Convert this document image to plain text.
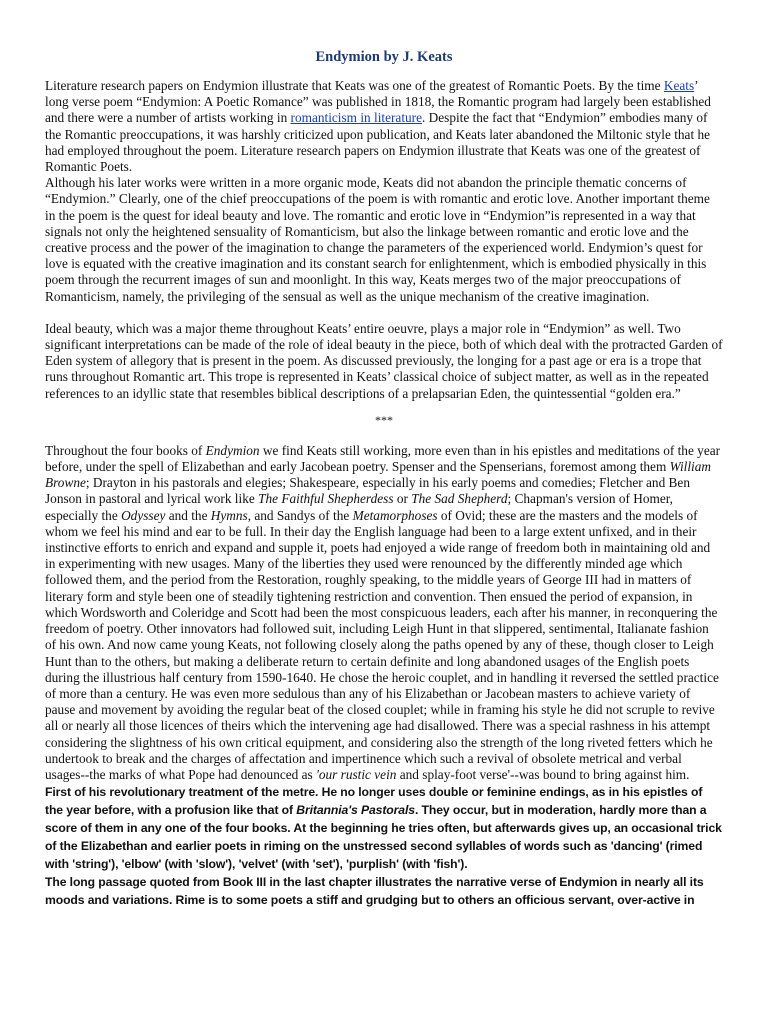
Endymion by J. Keats

Literature research papers on Endymion illustrate that Keats was one of the greatest of Romantic Poets. By the time Keats’ long verse poem “Endymion: A Poetic Romance” was published in 1818, the Romantic program had largely been established and there were a number of artists working in romanticism in literature. Despite the fact that “Endymion” embodies many of the Romantic preoccupations, it was harshly criticized upon publication, and Keats later abandoned the Miltonic style that he had employed throughout the poem. Literature research papers on Endymion illustrate that Keats was one of the greatest of Romantic Poets.

Although his later works were written in a more organic mode, Keats did not abandon the principle thematic concerns of “Endymion.” Clearly, one of the chief preoccupations of the poem is with romantic and erotic love. Another important theme in the poem is the quest for ideal beauty and love. The romantic and erotic love in “Endymion”is represented in a way that signals not only the heightened sensuality of Romanticism, but also the linkage between romantic and erotic love and the creative process and the power of the imagination to change the parameters of the experienced world. Endymion’s quest for love is equated with the creative imagination and its constant search for enlightenment, which is embodied physically in this poem through the recurrent images of sun and moonlight. In this way, Keats merges two of the major preoccupations of Romanticism, namely, the privileging of the sensual as well as the unique mechanism of the creative imagination.

Ideal beauty, which was a major theme throughout Keats’ entire oeuvre, plays a major role in “Endymion” as well. Two significant interpretations can be made of the role of ideal beauty in the piece, both of which deal with the protracted Garden of Eden system of allegory that is present in the poem. As discussed previously, the longing for a past age or era is a trope that runs throughout Romantic art. This trope is represented in Keats’ classical choice of subject matter, as well as in the repeated references to an idyllic state that resembles biblical descriptions of a prelapsarian Eden, the quintessential “golden era.”

***

Throughout the four books of Endymion we find Keats still working, more even than in his epistles and meditations of the year before, under the spell of Elizabethan and early Jacobean poetry. Spenser and the Spenserians, foremost among them William Browne; Drayton in his pastorals and elegies; Shakespeare, especially in his early poems and comedies; Fletcher and Ben Jonson in pastoral and lyrical work like The Faithful Shepherdess or The Sad Shepherd; Chapman's version of Homer, especially the Odyssey and the Hymns, and Sandys of the Metamorphoses of Ovid; these are the masters and the models of whom we feel his mind and ear to be full. In their day the English language had been to a large extent unfixed, and in their instinctive efforts to enrich and expand and supple it, poets had enjoyed a wide range of freedom both in maintaining old and in experimenting with new usages. Many of the liberties they used were renounced by the differently minded age which followed them, and the period from the Restoration, roughly speaking, to the middle years of George III had in matters of literary form and style been one of steadily tightening restriction and convention. Then ensued the period of expansion, in which Wordsworth and Coleridge and Scott had been the most conspicuous leaders, each after his manner, in reconquering the freedom of poetry. Other innovators had followed suit, including Leigh Hunt in that slippered, sentimental, Italianate fashion of his own. And now came young Keats, not following closely along the paths opened by any of these, though closer to Leigh Hunt than to the others, but making a deliberate return to certain definite and long abandoned usages of the English poets during the illustrious half century from 1590-1640. He chose the heroic couplet, and in handling it reversed the settled practice of more than a century. He was even more sedulous than any of his Elizabethan or Jacobean masters to achieve variety of pause and movement by avoiding the regular beat of the closed couplet; while in framing his style he did not scruple to revive all or nearly all those licences of theirs which the intervening age had disallowed. There was a special rashness in his attempt considering the slightness of his own critical equipment, and considering also the strength of the long riveted fetters which he undertook to break and the charges of affectation and impertinence which such a revival of obsolete metrical and verbal usages--the marks of what Pope had denounced as 'our rustic vein and splay-foot verse'--was bound to bring against him.

First of his revolutionary treatment of the metre. He no longer uses double or feminine endings, as in his epistles of the year before, with a profusion like that of Britannia's Pastorals. They occur, but in moderation, hardly more than a score of them in any one of the four books. At the beginning he tries often, but afterwards gives up, an occasional trick of the Elizabethan and earlier poets in riming on the unstressed second syllables of words such as 'dancing' (rimed with 'string'), 'elbow' (with 'slow'), 'velvet' (with 'set'), 'purplish' (with 'fish').

The long passage quoted from Book III in the last chapter illustrates the narrative verse of Endymion in nearly all its moods and variations. Rime is to some poets a stiff and grudging but to others an officious servant, over-active in
